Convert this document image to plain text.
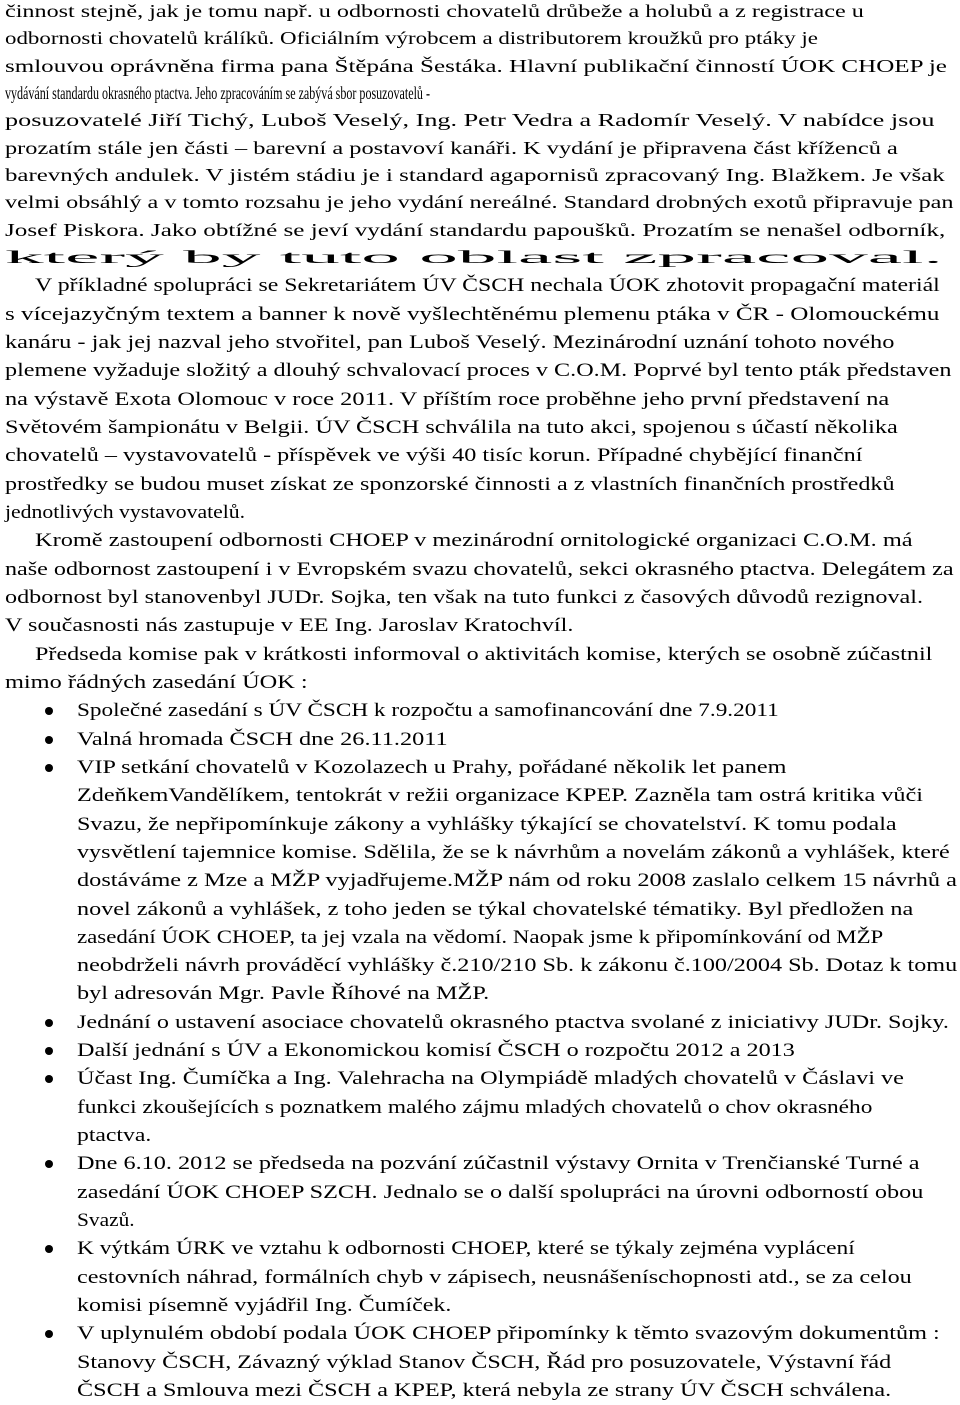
činnost stejně, jak je tomu např. u odbornosti chovatelů drůbeže a holubů a z registrace u
odbornosti chovatelů králíků. Oficiálním výrobcem a distributorem kroužků pro ptáky je
smlouvou oprávněna firma pana Štěpána Šestáka. Hlavní publikační činností ÚOK CHOEP je
vydávání standardu okrasného ptactva. Jeho zpracováním se zabývá sbor posuzovatelů -
posuzovatelé Jiří Tichý, Luboš Veselý, Ing. Petr Vedra a Radomír Veselý. V nabídce jsou
prozatím stále jen části – barevní a postavoví kanáři. K vydání je připravena část kříženců a
barevných andulek. V jistém stádiu je i standard agapornisů zpracovaný Ing. Blažkem. Je však
velmi obsáhlý a v tomto rozsahu je jeho vydání nereálné. Standard drobných exotů připravuje pan
Josef Piskora. Jako obtížné se jeví vydání standardu papoušků. Prozatím se nenašel odborník,
který by tuto oblast zpracoval.
V příkladné spolupráci se Sekretariátem ÚV ČSCH nechala ÚOK zhotovit propagační materiál
s vícejazyčným textem a banner k nově vyšlechtěnému plemenu ptáka v ČR - Olomouckému
kanáru - jak jej nazval jeho stvořitel, pan Luboš Veselý. Mezinárodní uznání tohoto nového
plemene vyžaduje složitý a dlouhý schvalovací proces v C.O.M. Poprvé byl tento pták představen
na výstavě Exota Olomouc v roce 2011. V příštím roce proběhne jeho první představení na
Světovém šampionátu v Belgii. ÚV ČSCH schválila na tuto akci, spojenou s účastí několika
chovatelů – vystavovatelů - příspěvek ve výši 40 tisíc korun. Případné chybějící finanční
prostředky se budou muset získat ze sponzorské činnosti a z vlastních finančních prostředků
jednotlivých vystavovatelů.
Kromě zastoupení odbornosti CHOEP v mezinárodní ornitologické organizaci C.O.M. má
naše odbornost zastoupení i v Evropském svazu chovatelů, sekci okrasného ptactva. Delegátem za
odbornost byl stanovenbyl JUDr. Sojka, ten však na tuto funkci z časových důvodů rezignoval.
V současnosti nás zastupuje v EE Ing. Jaroslav Kratochvíl.
Předseda komise pak v krátkosti informoval o aktivitách komise, kterých se osobně zúčastnil
mimo řádných zasedání ÚOK :
Společné zasedání s ÚV ČSCH k rozpočtu a samofinancování dne 7.9.2011
Valná hromada ČSCH dne 26.11.2011
VIP setkání chovatelů v Kozolazech u Prahy, pořádané několik let panem
ZdeňkemVandělíkem, tentokrát v režii organizace KPEP. Zazněla tam ostrá kritika vůči
Svazu, že nepřipomínkuje zákony a vyhlášky týkající se chovatelství. K tomu podala
vysvětlení tajemnice komise. Sdělila, že se k návrhům a novelám zákonů a vyhlášek, které
dostáváme z Mze a MŽP vyjadřujeme.MŽP nám od roku 2008 zaslalo celkem 15 návrhů a
novel zákonů a vyhlášek, z toho jeden se týkal chovatelské tématiky. Byl předložen na
zasedání ÚOK CHOEP, ta jej vzala na vědomí. Naopak jsme k připomínkování od MŽP
neobdrželi návrh prováděcí vyhlášky č.210/210 Sb. k zákonu č.100/2004 Sb. Dotaz k tomu
byl adresován Mgr. Pavle Říhové na MŽP.
Jednání o ustavení asociace chovatelů okrasného ptactva svolané z iniciativy JUDr. Sojky.
Další jednání s ÚV a Ekonomickou komisí ČSCH o rozpočtu 2012 a 2013
Účast Ing. Čumíčka a Ing. Valehracha na Olympiádě mladých chovatelů v Čáslavi ve
funkci zkoušejících s poznatkem malého zájmu mladých chovatelů o chov okrasného
ptactva.
Dne 6.10. 2012 se předseda na pozvání zúčastnil výstavy Ornita v Trenčianské Turné a
zasedání ÚOK CHOEP SZCH. Jednalo se o další spolupráci na úrovni odborností obou
Svazů.
K výtkám ÚRK ve vztahu k odbornosti CHOEP, které se týkaly zejména vyplácení
cestovních náhrad, formálních chyb v zápisech, neusnášeníschopnosti atd., se za celou
komisi písemně vyjádřil Ing. Čumíček.
V uplynulém období podala ÚOK CHOEP připomínky k těmto svazovým dokumentům :
Stanovy ČSCH, Závazný výklad Stanov ČSCH, Řád pro posuzovatele, Výstavní řád
ČSCH a Smlouva mezi ČSCH a KPEP, která nebyla ze strany ÚV ČSCH schválena.
